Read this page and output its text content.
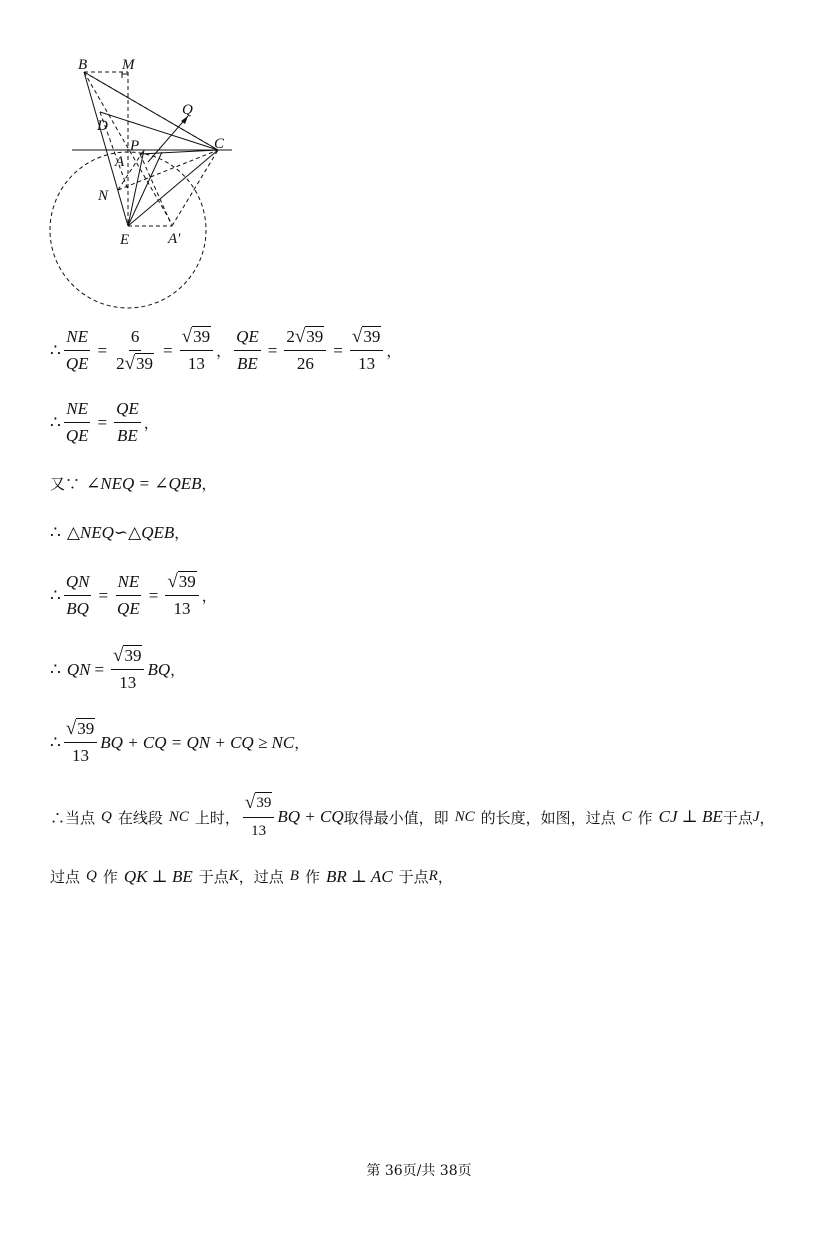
B M
Q
D
P	C
A
N
E	A′
∴ $\frac{NE}{QE} = \frac{6}{2 √ 39} = \frac{√ 39}{13}$ ， $\frac{QE}{BE} = \frac{2 √ 39}{26} = \frac{√ 39}{13}$ ，
∴ $\frac{NE}{QE} = \frac{QE}{BE}$ ，
又∵ ∠NEQ = ∠QEB ，
∴ △NEQ∽△QEB ，
∴ $\frac{QN}{BQ} = \frac{NE}{QE} = \frac{√ 39}{13}$ ，
∴ QN = $\frac{√ 39}{13}$ BQ ，
∴ $\frac{√ 39}{13}$ BQ + CQ = QN + CQ ≥ NC ，
∴当点 Q 在线段 NC 上时， $\frac{√ 39}{13}$ BQ + CQ 取得最小值，即 NC 的长度，如图，过点 C 作 CJ ⊥ BE 于点 J ，
过点 Q 作 QK ⊥ BE 于点 K ，过点 B 作 BR ⊥ AC 于点 R ，
第 36页/共 38页
